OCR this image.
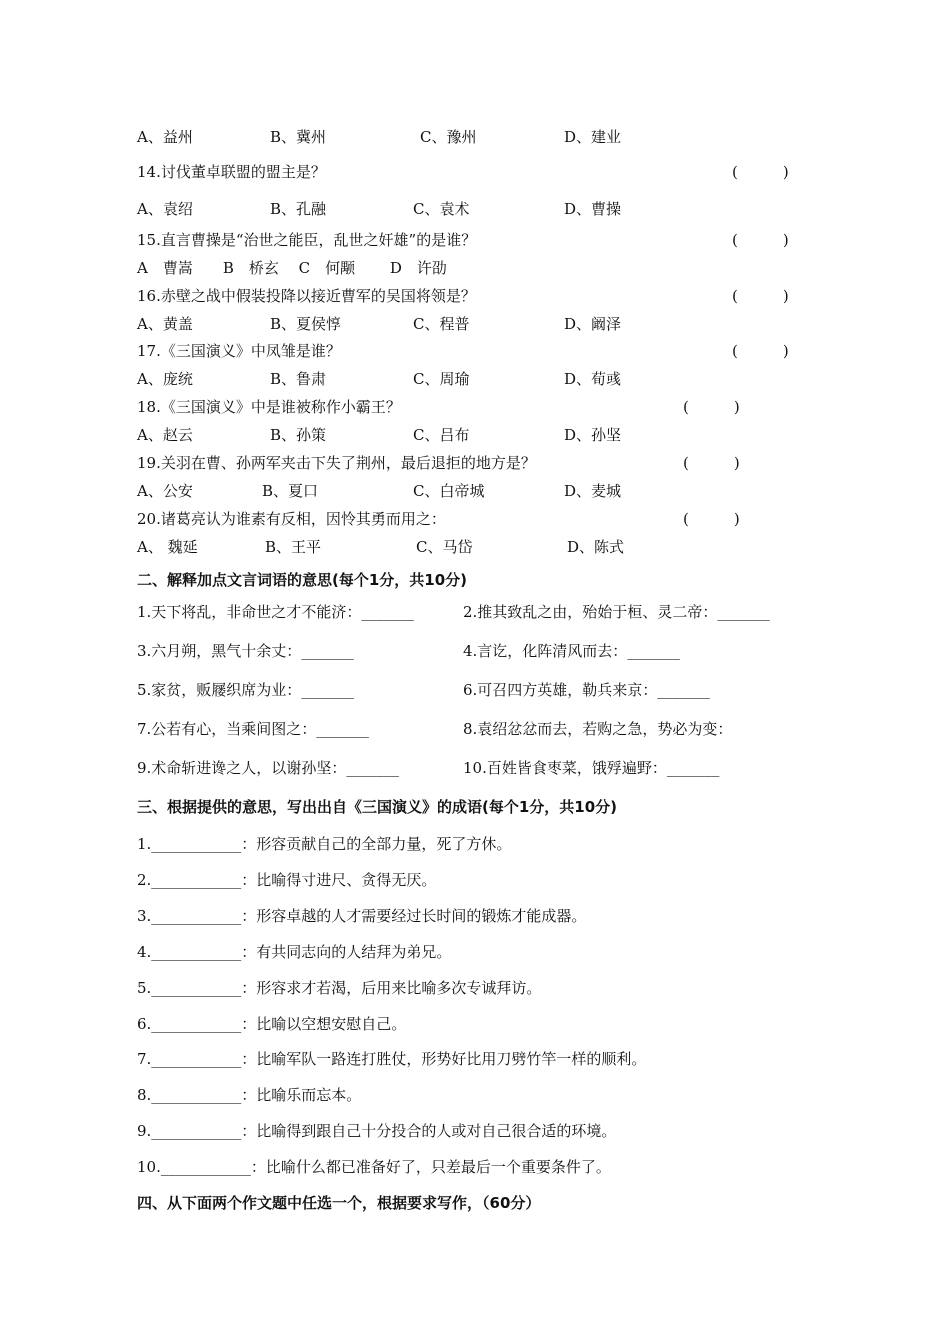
A、益州	B、冀州	C、豫州	D、建业
14.讨伐董卓联盟的盟主是？	(　　　)
A、袁绍	B、孔融	C、袁术	D、曹操
15.直言曹操是“治世之能臣，乱世之奸雄”的是谁？	(　　　)
A　曹嵩　　B　桥玄　 C　何颙　　 D　许劭
16.赤壁之战中假装投降以接近曹军的吴国将领是？	(　　　)
A、黄盖	B、夏侯惇	C、程普	D、阚泽
17.《三国演义》中凤雏是谁？	(　　　)
A、庞统	B、鲁肃	C、周瑜	D、荀彧
18.《三国演义》中是谁被称作小霸王？	(　　　)
A、赵云	B、孙策	C、吕布	D、孙坚
19.关羽在曹、孙两军夹击下失了荆州，最后退拒的地方是？	(　　　)
A、公安	B、夏口	C、白帝城	D、麦城
20.诸葛亮认为谁素有反相，因怜其勇而用之：	(　　　)
A、 魏延	B、王平	C、马岱	D、陈式
二、解释加点文言词语的意思(每个1分，共10分)
1.天下将乱，非命世之才不能济：_______	2.推其致乱之由，殆始于桓、灵二帝：_______
3.六月朔，黑气十余丈：_______	4.言讫，化阵清风而去：_______
5.家贫，贩屦织席为业：_______	6.可召四方英雄，勒兵来京：_______
7.公若有心，当乘间图之：_______	8.袁绍忿忿而去，若购之急，势必为变：
9.术命斩进谗之人，以谢孙坚：_______	10.百姓皆食枣菜，饿殍遍野：_______
三、根据提供的意思，写出出自《三国演义》的成语(每个1分，共10分)
1.____________：形容贡献自己的全部力量，死了方休。
2.____________：比喻得寸进尺、贪得无厌。
3.____________：形容卓越的人才需要经过长时间的锻炼才能成器。
4.____________：有共同志向的人结拜为弟兄。
5.____________：形容求才若渴，后用来比喻多次专诚拜访。
6.____________：比喻以空想安慰自己。
7.____________：比喻军队一路连打胜仗，形势好比用刀劈竹竿一样的顺利。
8.____________：比喻乐而忘本。
9.____________：比喻得到跟自己十分投合的人或对自己很合适的环境。
10.____________：比喻什么都已准备好了，只差最后一个重要条件了。
四、从下面两个作文题中任选一个，根据要求写作，（60分）
